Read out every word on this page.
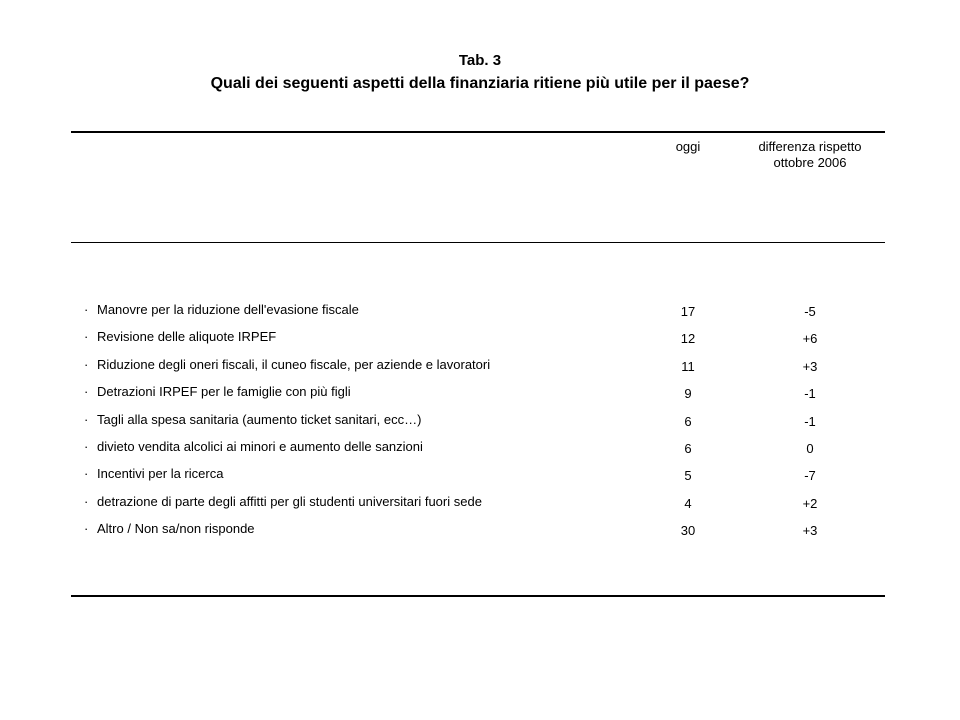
Tab. 3
Quali dei seguenti aspetti della finanziaria ritiene più utile per il paese?
oggi	differenza rispetto
ottobre 2006
· Manovre per la riduzione dell'evasione fiscale	17	-5
· Revisione delle aliquote IRPEF	12	+6
· Riduzione degli oneri fiscali, il cuneo fiscale, per aziende e lavoratori	11	+3
· Detrazioni IRPEF per le famiglie con più figli	9	-1
· Tagli alla spesa sanitaria (aumento ticket sanitari, ecc…)	6	-1
· divieto vendita alcolici ai minori e aumento delle sanzioni	6	0
· Incentivi per la ricerca	5	-7
· detrazione di parte degli affitti per gli studenti universitari fuori sede	4	+2
· Altro / Non sa/non risponde	30	+3
